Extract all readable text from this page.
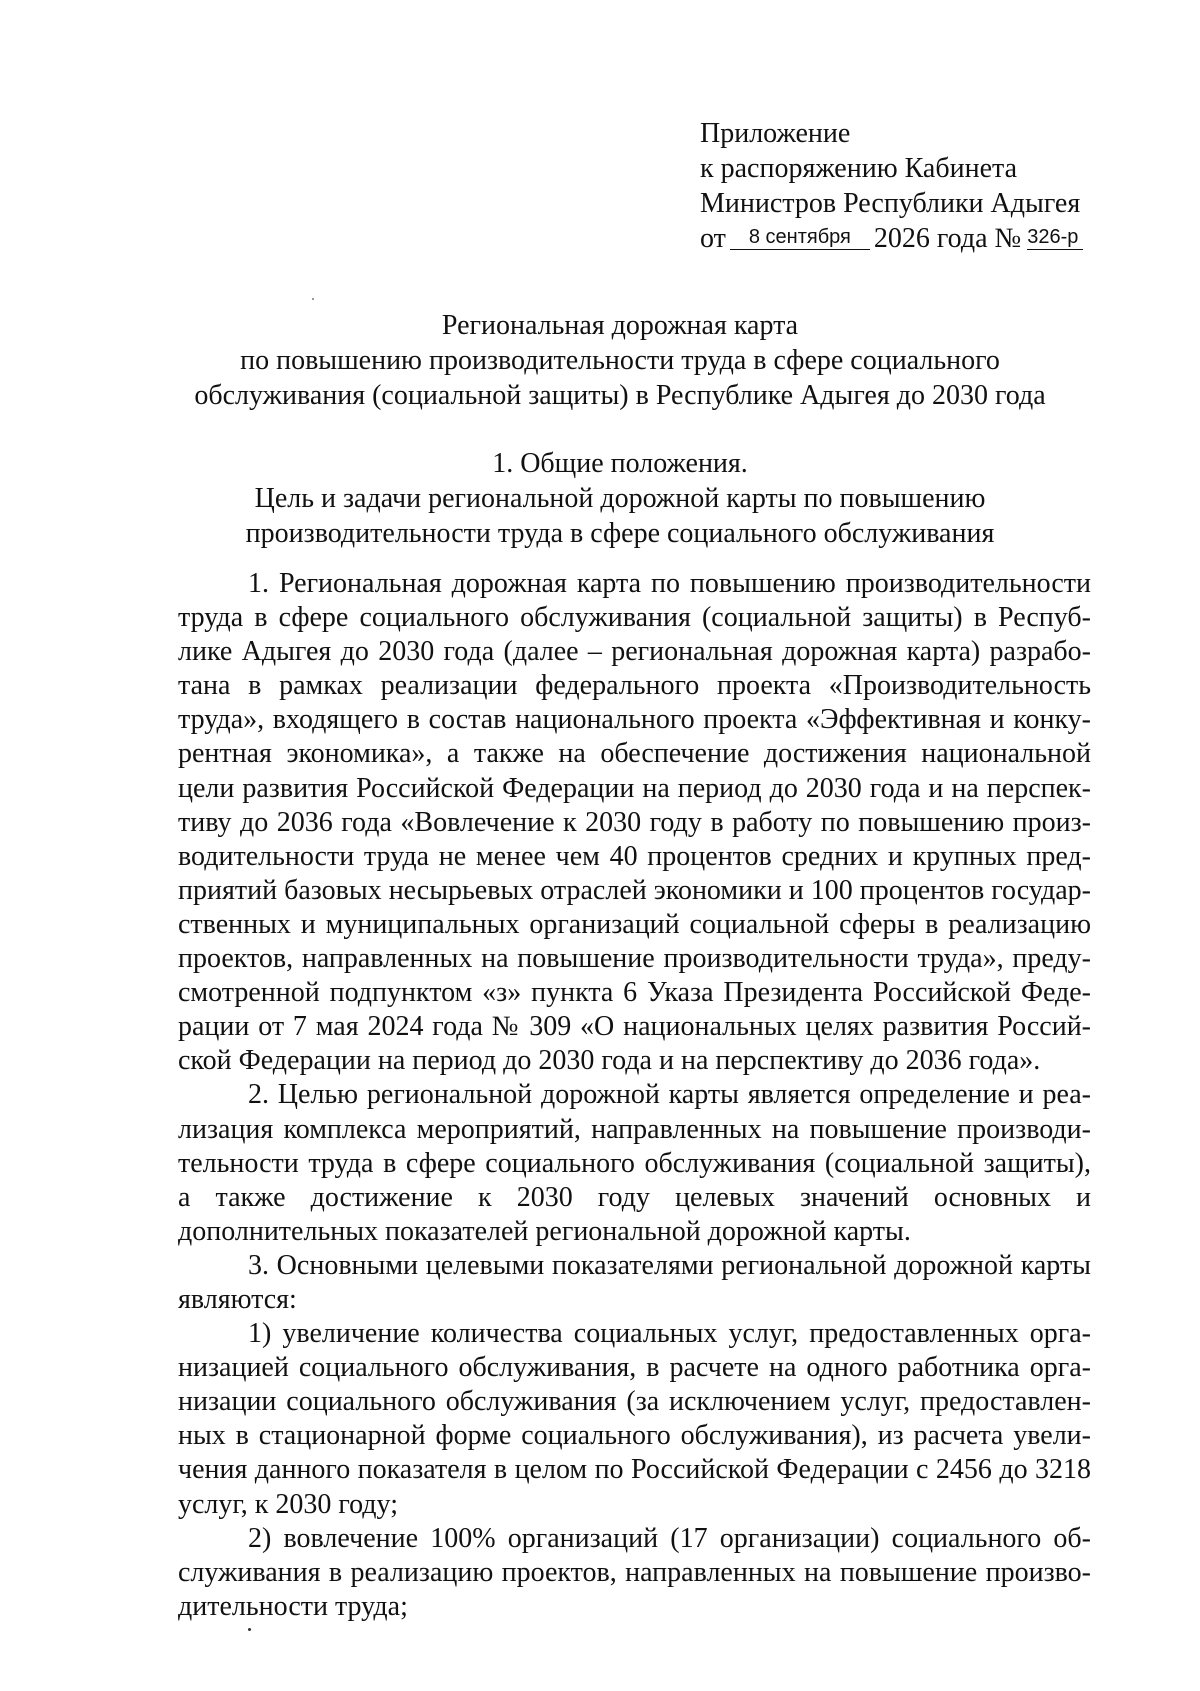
Приложение
к распоряжению Кабинета
Министров Республики Адыгея
от 8 сентября 2026 года № 326-р
Региональная дорожная карта
по повышению производительности труда в сфере социального
обслуживания (социальной защиты) в Республике Адыгея до 2030 года
1. Общие положения.
Цель и задачи региональной дорожной карты по повышению
производительности труда в сфере социального обслуживания

1. Региональная дорожная карта по повышению производительности труда в сфере социального обслуживания (социальной защиты) в Республике Адыгея до 2030 года (далее – региональная дорожная карта) разработана в рамках реализации федерального проекта «Производительность труда», входящего в состав национального проекта «Эффективная и конкурентная экономика», а также на обеспечение достижения национальной цели развития Российской Федерации на период до 2030 года и на перспективу до 2036 года «Вовлечение к 2030 году в работу по повышению производительности труда не менее чем 40 процентов средних и крупных предприятий базовых несырьевых отраслей экономики и 100 процентов государственных и муниципальных организаций социальной сферы в реализацию проектов, направленных на повышение производительности труда», предусмотренной подпунктом «з» пункта 6 Указа Президента Российской Федерации от 7 мая 2024 года № 309 «О национальных целях развития Российской Федерации на период до 2030 года и на перспективу до 2036 года».

2. Целью региональной дорожной карты является определение и реализация комплекса мероприятий, направленных на повышение производительности труда в сфере социального обслуживания (социальной защиты), а также достижение к 2030 году целевых значений основных и дополнительных показателей региональной дорожной карты.

3. Основными целевыми показателями региональной дорожной карты являются:

1) увеличение количества социальных услуг, предоставленных организацией социального обслуживания, в расчете на одного работника организации социального обслуживания (за исключением услуг, предоставленных в стационарной форме социального обслуживания), из расчета увеличения данного показателя в целом по Российской Федерации с 2456 до 3218 услуг, к 2030 году;

2) вовлечение 100% организаций (17 организации) социального обслуживания в реализацию проектов, направленных на повышение производительности труда;
